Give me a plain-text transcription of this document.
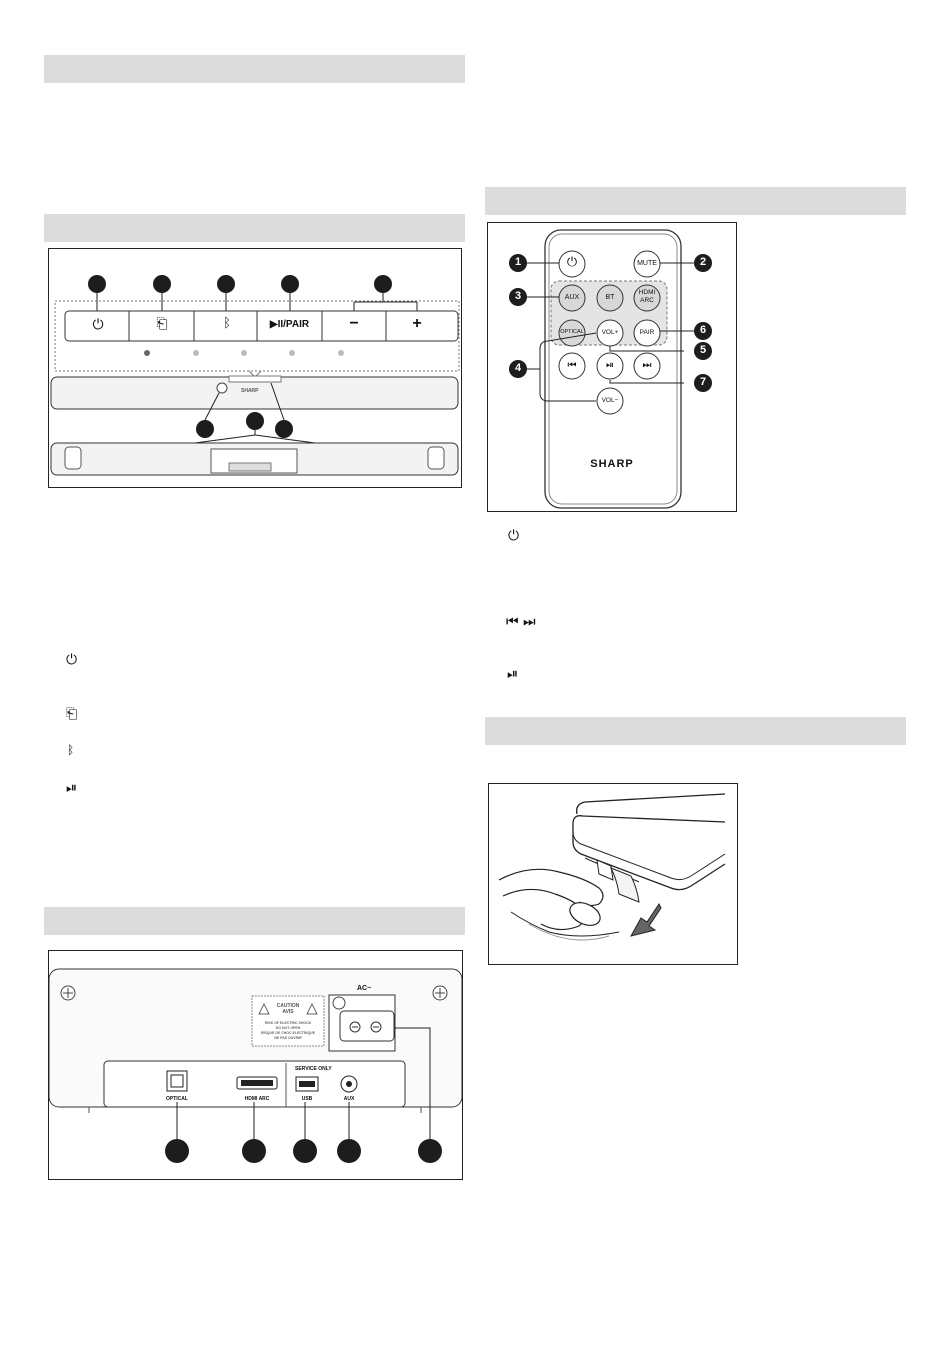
⏻	⎗	ᛒ	▶II/PAIR	−	+
SHARP
⏻
⎗
ᛒ
⏯
AC~
CAUTION
AVIS
RISK OF ELECTRIC SHOCK
DO NOT OPEN
RISQUE DE CHOC ELECTRIQUE
NE PAS OUVRIR
SERVICE ONLY
OPTICAL	HDMI ARC	USB	AUX
1	2
3
4
5
6
7
⏻	MUTE
AUX	BT
HDMI
ARC
OPTICAL	VOL+	PAIR
⏮	⏯	⏭
VOL−
SHARP
⏻
⏮ ⏭
⏯
